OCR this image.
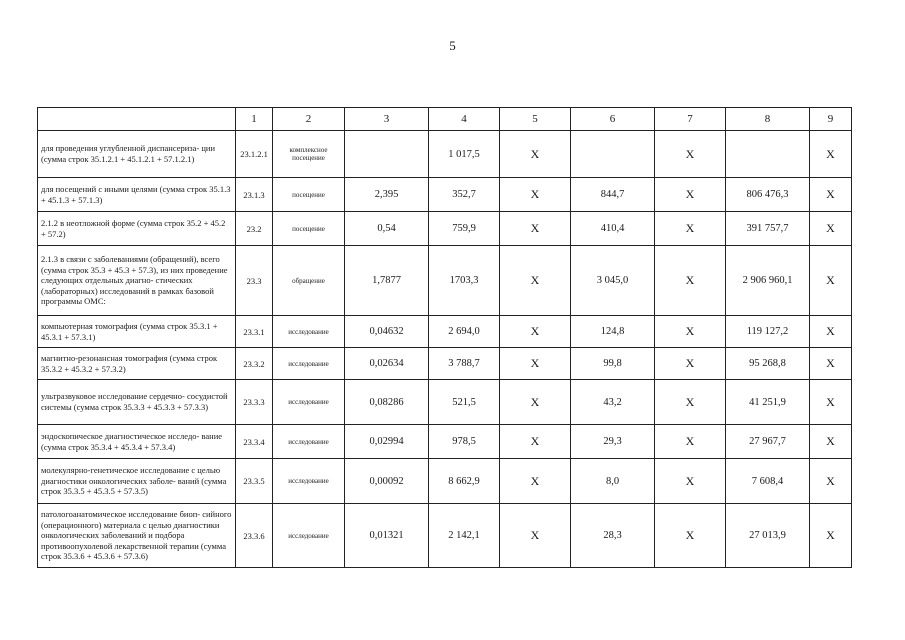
5
	1	2	3	4	5	6	7	8	9
для проведения углубленной диспансериза- ции (сумма строк 35.1.2.1 + 45.1.2.1 + 57.1.2.1)	23.1.2.1	комплексное посещение		1 017,5	X		X		X
для посещений с иными целями (сумма строк 35.1.3 + 45.1.3 + 57.1.3)	23.1.3	посещение	2,395	352,7	X	844,7	X	806 476,3	X
2.1.2 в неотложной форме (сумма строк 35.2 + 45.2 + 57.2)	23.2	посещение	0,54	759,9	X	410,4	X	391 757,7	X
2.1.3 в связи с заболеваниями (обращений), всего (сумма строк 35.3 + 45.3 + 57.3), из них проведение следующих отдельных диагно- стических (лабораторных) исследований в рамках базовой программы ОМС:	23.3	обращение	1,7877	1703,3	X	3 045,0	X	2 906 960,1	X
компьютерная томография (сумма строк 35.3.1 + 45.3.1 + 57.3.1)	23.3.1	исследование	0,04632	2 694,0	X	124,8	X	119 127,2	X
магнитно-резонансная томография (сумма строк 35.3.2 + 45.3.2 + 57.3.2)	23.3.2	исследование	0,02634	3 788,7	X	99,8	X	95 268,8	X
ультразвуковое исследование сердечно- сосудистой системы (сумма строк 35.3.3 + 45.3.3 + 57.3.3)	23.3.3	исследование	0,08286	521,5	X	43,2	X	41 251,9	X
эндоскопическое диагностическое исследо- вание (сумма строк 35.3.4 + 45.3.4 + 57.3.4)	23.3.4	исследование	0,02994	978,5	X	29,3	X	27 967,7	X
молекулярно-генетическое исследование с целью диагностики онкологических заболе- ваний (сумма строк 35.3.5 + 45.3.5 + 57.3.5)	23.3.5	исследование	0,00092	8 662,9	X	8,0	X	7 608,4	X
патологоанатомическое исследование биоп- сийного (операционного) материала с целью диагностики онкологических заболеваний и подбора противоопухолевой лекарственной терапии (сумма строк 35.3.6 + 45.3.6 + 57.3.6)	23.3.6	исследование	0,01321	2 142,1	X	28,3	X	27 013,9	X
